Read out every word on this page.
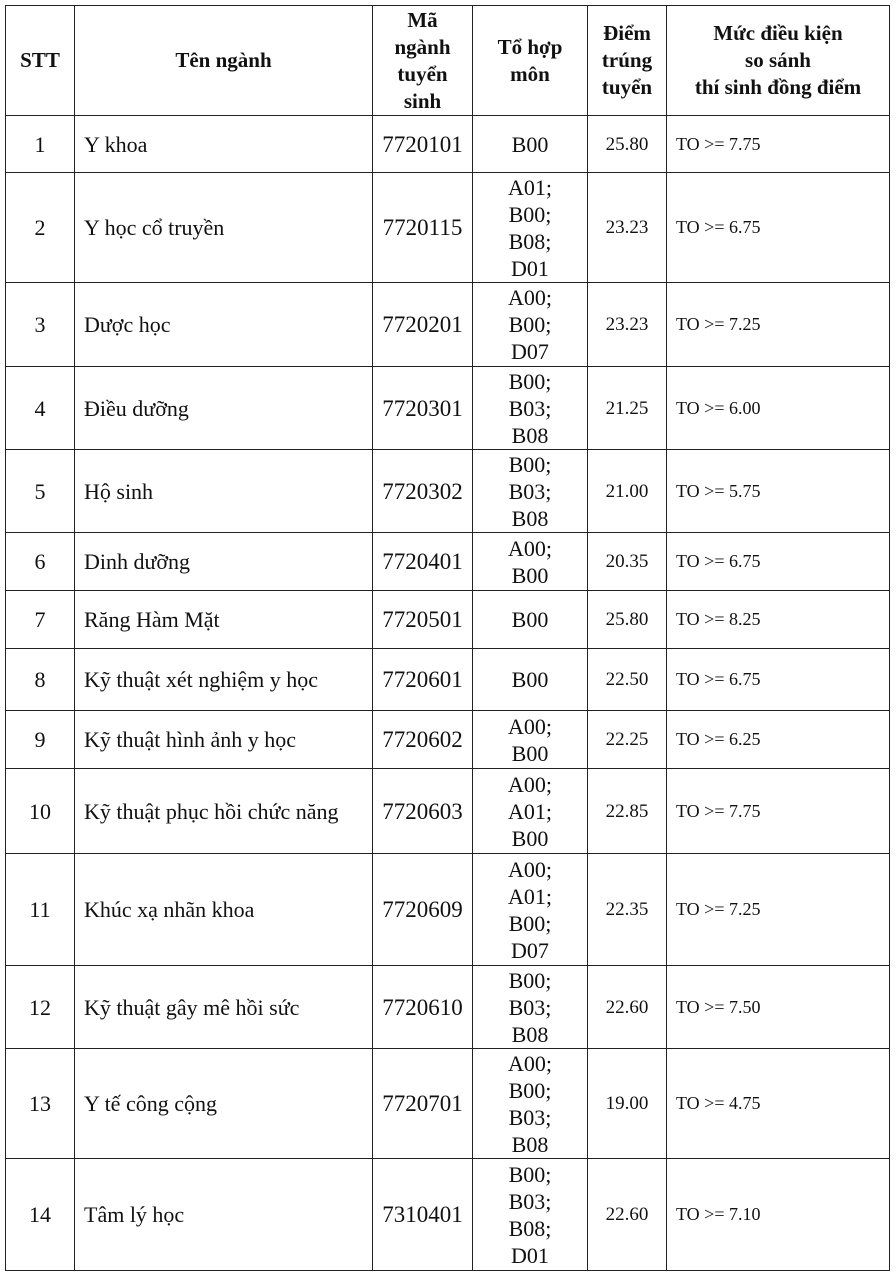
STT	Tên ngành	Mã
ngành
tuyển
sinh	Tổ hợp
môn	Điểm
trúng
tuyển	Mức điều kiện
so sánh
thí sinh đồng điểm
1	Y khoa	7720101	B00	25.80	TO >= 7.75
2	Y học cổ truyền	7720115	A01;
B00;
B08;
D01	23.23	TO >= 6.75
3	Dược học	7720201	A00;
B00;
D07	23.23	TO >= 7.25
4	Điều dưỡng	7720301	B00;
B03;
B08	21.25	TO >= 6.00
5	Hộ sinh	7720302	B00;
B03;
B08	21.00	TO >= 5.75
6	Dinh dưỡng	7720401	A00;
B00	20.35	TO >= 6.75
7	Răng Hàm Mặt	7720501	B00	25.80	TO >= 8.25
8	Kỹ thuật xét nghiệm y học	7720601	B00	22.50	TO >= 6.75
9	Kỹ thuật hình ảnh y học	7720602	A00;
B00	22.25	TO >= 6.25
10	Kỹ thuật phục hồi chức năng	7720603	A00;
A01;
B00	22.85	TO >= 7.75
11	Khúc xạ nhãn khoa	7720609	A00;
A01;
B00;
D07	22.35	TO >= 7.25
12	Kỹ thuật gây mê hồi sức	7720610	B00;
B03;
B08	22.60	TO >= 7.50
13	Y tế công cộng	7720701	A00;
B00;
B03;
B08	19.00	TO >= 4.75
14	Tâm lý học	7310401	B00;
B03;
B08;
D01	22.60	TO >= 7.10
